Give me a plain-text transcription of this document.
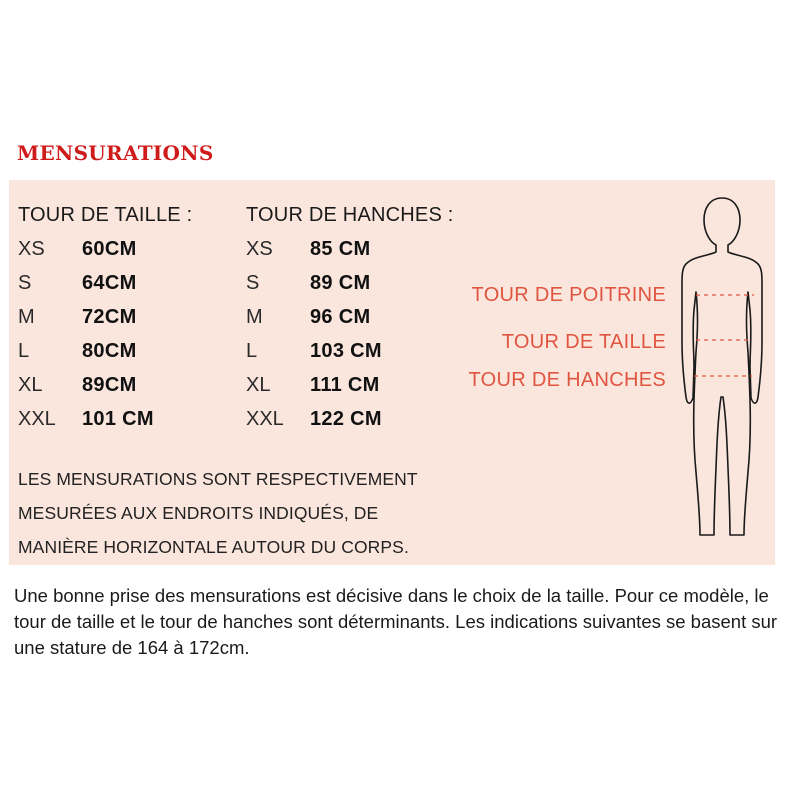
MENSURATIONS
TOUR DE TAILLE :
XS	60CM
S	64CM
M	72CM
L	80CM
XL	89CM
XXL	101 CM
TOUR DE HANCHES :
XS	85 CM
S	89 CM
M	96 CM
L	103 CM
XL	111 CM
XXL	122 CM
LES MENSURATIONS SONT RESPECTIVEMENT
MESURÉES AUX ENDROITS INDIQUÉS, DE
MANIÈRE HORIZONTALE AUTOUR DU CORPS.
TOUR DE POITRINE
TOUR DE TAILLE
TOUR DE HANCHES
Une bonne prise des mensurations est décisive dans le choix de la taille. Pour ce modèle, le tour de taille et le tour de hanches sont déterminants. Les indications suivantes se basent sur une stature de 164 à 172cm.
